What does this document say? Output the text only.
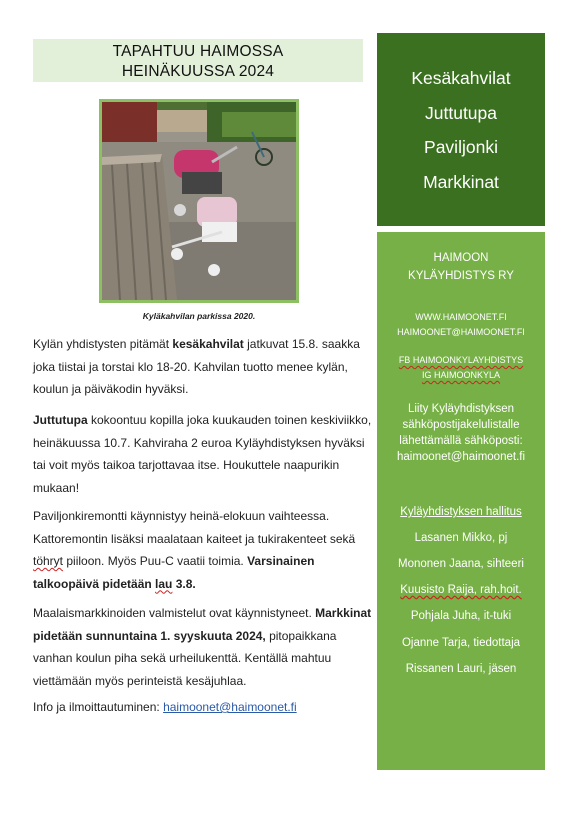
TAPAHTUU HAIMOSSA
HEINÄKUUSSA 2024
Kyläkahvilan parkissa 2020.
Kylän yhdistysten pitämät kesäkahvilat jatkuvat 15.8. saakka joka tiistai ja torstai klo 18-20. Kahvilan tuotto menee kylän, koulun ja päiväkodin hyväksi.
Juttutupa kokoontuu kopilla joka kuukauden toinen keskiviikko, heinäkuussa 10.7. Kahviraha 2 euroa Kyläyhdistyksen hyväksi tai voit myös taikoa tarjottavaa itse. Houkuttele naapurikin mukaan!
Paviljonkiremontti käynnistyy heinä-elokuun vaihteessa. Kattoremontin lisäksi maalataan kaiteet ja tukirakenteet sekä töhryt piiloon. Myös Puu-C vaatii toimia. Varsinainen talkoopäivä pidetään lau 3.8.
Maalaismarkkinoiden valmistelut ovat käynnistyneet. Markkinat pidetään sunnuntaina 1. syyskuuta 2024, pitopaikkana vanhan koulun piha sekä urheilukenttä. Kentällä mahtuu viettämään myös perinteistä kesäjuhlaa.
Info ja ilmoittautuminen: haimoonet@haimoonet.fi
Kesäkahvilat
Juttutupa
Paviljonki
Markkinat
HAIMOON
KYLÄYHDISTYS RY
WWW.HAIMOONET.FI
HAIMOONET@HAIMOONET.FI
FB HAIMOONKYLAYHDISTYS
IG HAIMOONKYLA
Liity Kyläyhdistyksen
sähköpostijakelulistalle
lähettämällä sähköposti:
haimoonet@haimoonet.fi
Kyläyhdistyksen hallitus
Lasanen Mikko, pj
Mononen Jaana, sihteeri
Kuusisto Raija, rah.hoit.
Pohjala Juha, it-tuki
Ojanne Tarja, tiedottaja
Rissanen Lauri, jäsen
